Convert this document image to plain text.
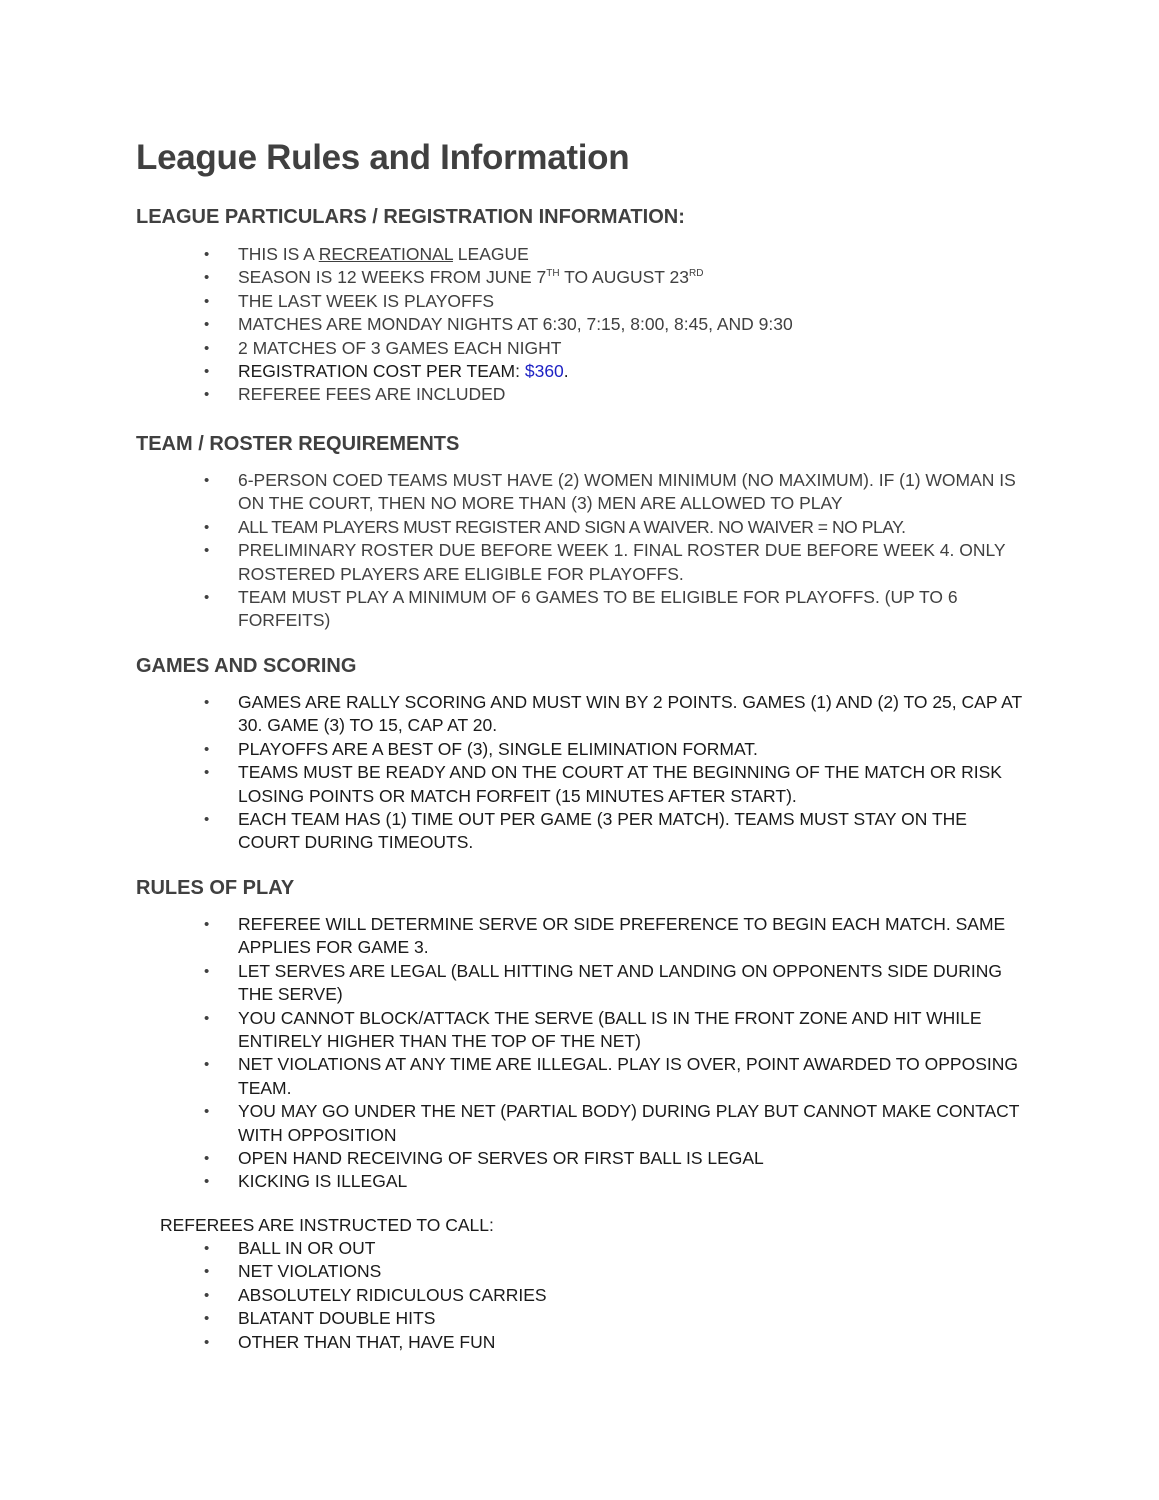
League Rules and Information
LEAGUE PARTICULARS / REGISTRATION INFORMATION:
• THIS IS A RECREATIONAL LEAGUE
• SEASON IS 12 WEEKS FROM JUNE 7TH TO AUGUST 23RD
• THE LAST WEEK IS PLAYOFFS
• MATCHES ARE MONDAY NIGHTS AT 6:30, 7:15, 8:00, 8:45, AND 9:30
• 2 MATCHES OF 3 GAMES EACH NIGHT
• REGISTRATION COST PER TEAM: $360.
• REFEREE FEES ARE INCLUDED
TEAM / ROSTER REQUIREMENTS
• 6-PERSON COED TEAMS MUST HAVE (2) WOMEN MINIMUM (NO MAXIMUM). IF (1) WOMAN IS ON THE COURT, THEN NO MORE THAN (3) MEN ARE ALLOWED TO PLAY
• ALL TEAM PLAYERS MUST REGISTER AND SIGN A WAIVER. NO WAIVER = NO PLAY.
• PRELIMINARY ROSTER DUE BEFORE WEEK 1. FINAL ROSTER DUE BEFORE WEEK 4. ONLY ROSTERED PLAYERS ARE ELIGIBLE FOR PLAYOFFS.
• TEAM MUST PLAY A MINIMUM OF 6 GAMES TO BE ELIGIBLE FOR PLAYOFFS. (UP TO 6 FORFEITS)
GAMES AND SCORING
• GAMES ARE RALLY SCORING AND MUST WIN BY 2 POINTS. GAMES (1) AND (2) TO 25, CAP AT 30. GAME (3) TO 15, CAP AT 20.
• PLAYOFFS ARE A BEST OF (3), SINGLE ELIMINATION FORMAT.
• TEAMS MUST BE READY AND ON THE COURT AT THE BEGINNING OF THE MATCH OR RISK LOSING POINTS OR MATCH FORFEIT (15 MINUTES AFTER START).
• EACH TEAM HAS (1) TIME OUT PER GAME (3 PER MATCH). TEAMS MUST STAY ON THE COURT DURING TIMEOUTS.
RULES OF PLAY
• REFEREE WILL DETERMINE SERVE OR SIDE PREFERENCE TO BEGIN EACH MATCH. SAME APPLIES FOR GAME 3.
• LET SERVES ARE LEGAL (BALL HITTING NET AND LANDING ON OPPONENTS SIDE DURING THE SERVE)
• YOU CANNOT BLOCK/ATTACK THE SERVE (BALL IS IN THE FRONT ZONE AND HIT WHILE ENTIRELY HIGHER THAN THE TOP OF THE NET)
• NET VIOLATIONS AT ANY TIME ARE ILLEGAL. PLAY IS OVER, POINT AWARDED TO OPPOSING TEAM.
• YOU MAY GO UNDER THE NET (PARTIAL BODY) DURING PLAY BUT CANNOT MAKE CONTACT WITH OPPOSITION
• OPEN HAND RECEIVING OF SERVES OR FIRST BALL IS LEGAL
• KICKING IS ILLEGAL

REFEREES ARE INSTRUCTED TO CALL:

• BALL IN OR OUT
• NET VIOLATIONS
• ABSOLUTELY RIDICULOUS CARRIES
• BLATANT DOUBLE HITS
• OTHER THAN THAT, HAVE FUN
